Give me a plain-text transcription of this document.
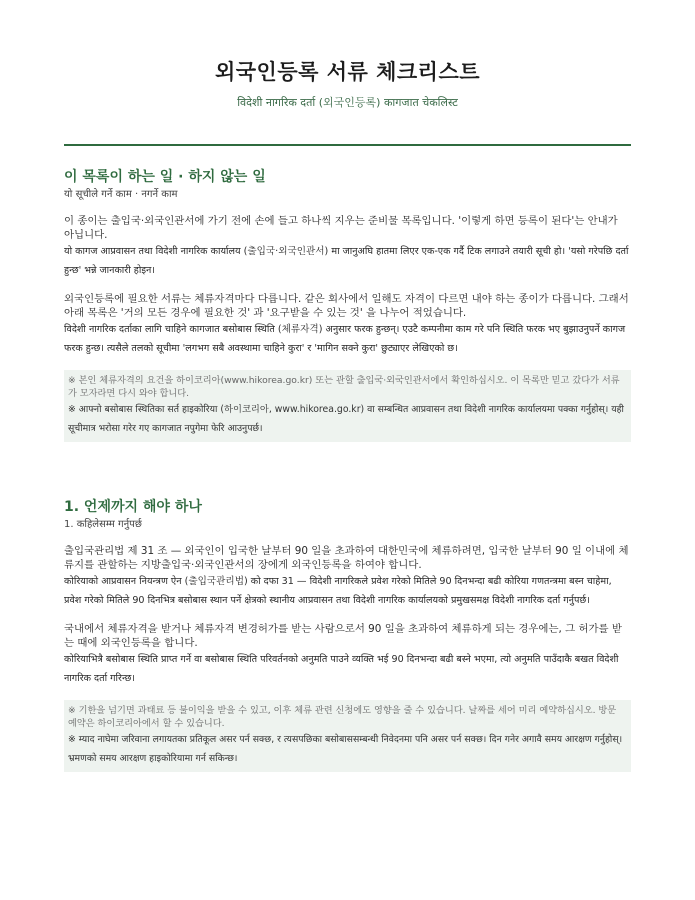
외국인등록 서류 체크리스트
विदेशी नागरिक दर्ता (외국인등록) कागजात चेकलिस्ट
이 목록이 하는 일 · 하지 않는 일
यो सूचीले गर्ने काम · नगर्ने काम
이 종이는 출입국·외국인관서에 가기 전에 손에 들고 하나씩 지우는 준비물 목록입니다. '이렇게 하면 등록이 된다'는 안내가 아닙니다.
यो कागज आप्रवासन तथा विदेशी नागरिक कार्यालय (출입국·외국인관서) मा जानुअघि हातमा लिएर एक-एक गर्दै टिक लगाउने तयारी सूची हो। 'यसो गरेपछि दर्ता हुन्छ' भन्ने जानकारी होइन।
외국인등록에 필요한 서류는 체류자격마다 다릅니다. 같은 회사에서 일해도 자격이 다르면 내야 하는 종이가 다릅니다. 그래서 아래 목록은 '거의 모든 경우에 필요한 것' 과 '요구받을 수 있는 것' 을 나누어 적었습니다.
विदेशी नागरिक दर्ताका लागि चाहिने कागजात बसोबास स्थिति (체류자격) अनुसार फरक हुन्छन्। एउटै कम्पनीमा काम गरे पनि स्थिति फरक भए बुझाउनुपर्ने कागज फरक हुन्छ। त्यसैले तलको सूचीमा 'लगभग सबै अवस्थामा चाहिने कुरा' र 'मागिन सक्ने कुरा' छुट्याएर लेखिएको छ।
※ 본인 체류자격의 요건을 하이코리아(www.hikorea.go.kr) 또는 관할 출입국·외국인관서에서 확인하십시오. 이 목록만 믿고 갔다가 서류가 모자라면 다시 와야 합니다.
※ आफ्नो बसोबास स्थितिका सर्त हाइकोरिया (하이코리아, www.hikorea.go.kr) वा सम्बन्धित आप्रवासन तथा विदेशी नागरिक कार्यालयमा पक्का गर्नुहोस्। यही सूचीमात्र भरोसा गरेर गए कागजात नपुगेमा फेरि आउनुपर्छ।
1. 언제까지 해야 하나
1. कहिलेसम्म गर्नुपर्छ
출입국관리법 제 31 조 — 외국인이 입국한 날부터 90 일을 초과하여 대한민국에 체류하려면, 입국한 날부터 90 일 이내에 체류지를 관할하는 지방출입국·외국인관서의 장에게 외국인등록을 하여야 합니다.
कोरियाको आप्रवासन नियन्त्रण ऐन (출입국관리법) को दफा 31 — विदेशी नागरिकले प्रवेश गरेको मितिले 90 दिनभन्दा बढी कोरिया गणतन्त्रमा बस्न चाहेमा, प्रवेश गरेको मितिले 90 दिनभित्र बसोबास स्थान पर्ने क्षेत्रको स्थानीय आप्रवासन तथा विदेशी नागरिक कार्यालयको प्रमुखसमक्ष विदेशी नागरिक दर्ता गर्नुपर्छ।
국내에서 체류자격을 받거나 체류자격 변경허가를 받는 사람으로서 90 일을 초과하여 체류하게 되는 경우에는, 그 허가를 받는 때에 외국인등록을 합니다.
कोरियाभित्रै बसोबास स्थिति प्राप्त गर्ने वा बसोबास स्थिति परिवर्तनको अनुमति पाउने व्यक्ति भई 90 दिनभन्दा बढी बस्ने भएमा, त्यो अनुमति पाउँदाकै बखत विदेशी नागरिक दर्ता गरिन्छ।
※ 기한을 넘기면 과태료 등 불이익을 받을 수 있고, 이후 체류 관련 신청에도 영향을 줄 수 있습니다. 날짜를 세어 미리 예약하십시오. 방문 예약은 하이코리아에서 할 수 있습니다.
※ म्याद नाघेमा जरिवाना लगायतका प्रतिकूल असर पर्न सक्छ, र त्यसपछिका बसोबाससम्बन्धी निवेदनमा पनि असर पर्न सक्छ। दिन गनेर अगावै समय आरक्षण गर्नुहोस्। भ्रमणको समय आरक्षण हाइकोरियामा गर्न सकिन्छ।
